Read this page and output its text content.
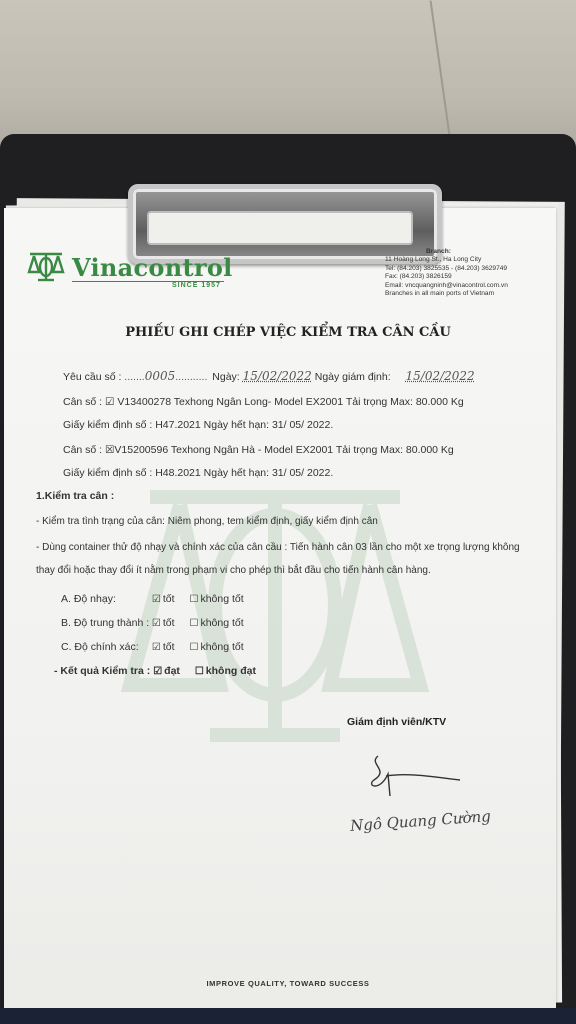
Vinacontrol
SINCE 1957
Branch:
11 Hoàng Long St., Ha Long City
Tel: (84.203) 3825535 - (84.203) 3629749
Fax: (84.203) 3826159
Email: vncquangninh@vinacontrol.com.vn
Branches in all main ports of Vietnam
PHIẾU GHI CHÉP VIỆC KIỂM TRA CÂN CẦU
Yêu cầu số : .......0005........... Ngày: 15/02/2022 Ngày giám định: 15/02/2022
Cân số : ☑ V13400278 Texhong Ngân Long- Model EX2001 Tải trọng Max: 80.000 Kg
Giấy kiểm định số : H47.2021 Ngày hết hạn: 31/ 05/ 2022.
Cân số : ☒V15200596 Texhong Ngân Hà - Model EX2001 Tải trọng Max: 80.000 Kg
Giấy kiểm định số : H48.2021 Ngày hết hạn: 31/ 05/ 2022.
1.Kiểm tra cân :
- Kiểm tra tình trạng của cân: Niêm phong, tem kiểm định, giấy kiểm định cân
- Dùng container thử độ nhạy và chính xác của cân cầu : Tiến hành cân 03 lần cho một xe trọng lượng không
thay đổi hoặc thay đổi ít nằm trong phạm vi cho phép thì bắt đầu cho tiến hành cân hàng.
A. Độ nhạy:	☑ tốt ☐ không tốt
B. Độ trung thành : ☑ tốt ☐ không tốt
C. Độ chính xác: ☑ tốt ☐ không tốt
- Kết quả Kiểm tra : ☑ đạt ☐ không đạt
Giám định viên/KTV
Ngô Quang Cường
IMPROVE QUALITY, TOWARD SUCCESS
